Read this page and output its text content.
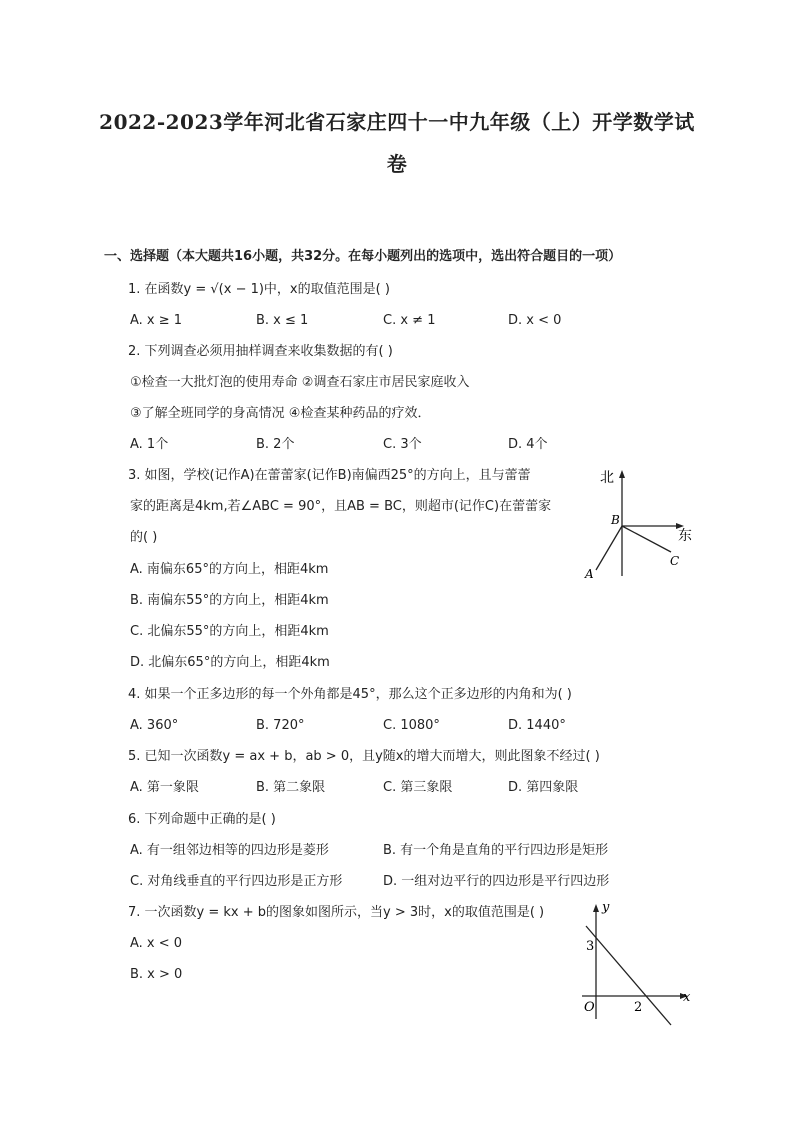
2022-2023学年河北省石家庄四十一中九年级（上）开学数学试
卷
一、选择题（本大题共16小题，共32分。在每小题列出的选项中，选出符合题目的一项）
1. 在函数y = √(x − 1)中，x的取值范围是( )
A. x ≥ 1	B. x ≤ 1	C. x ≠ 1	D. x < 0
2. 下列调查必须用抽样调查来收集数据的有( )
①检查一大批灯泡的使用寿命 ②调查石家庄市居民家庭收入
③了解全班同学的身高情况 ④检查某种药品的疗效．
A. 1个	B. 2个	C. 3个	D. 4个
3. 如图，学校(记作A)在蕾蕾家(记作B)南偏西25°的方向上，且与蕾蕾
家的距离是4km,若∠ABC = 90°，且AB = BC，则超市(记作C)在蕾蕾家
的( )
A. 南偏东65°的方向上，相距4km
B. 南偏东55°的方向上，相距4km
C. 北偏东55°的方向上，相距4km
D. 北偏东65°的方向上，相距4km
北
东
B
A
C
4. 如果一个正多边形的每一个外角都是45°，那么这个正多边形的内角和为( )
A. 360°	B. 720°	C. 1080°	D. 1440°
5. 已知一次函数y = ax + b，ab > 0，且y随x的增大而增大，则此图象不经过( )
A. 第一象限	B. 第二象限	C. 第三象限	D. 第四象限
6. 下列命题中正确的是( )
A. 有一组邻边相等的四边形是菱形	B. 有一个角是直角的平行四边形是矩形
C. 对角线垂直的平行四边形是正方形	D. 一组对边平行的四边形是平行四边形
7. 一次函数y = kx + b的图象如图所示，当y > 3时，x的取值范围是( )
A. x < 0
B. x > 0
y
x
O
3
2
